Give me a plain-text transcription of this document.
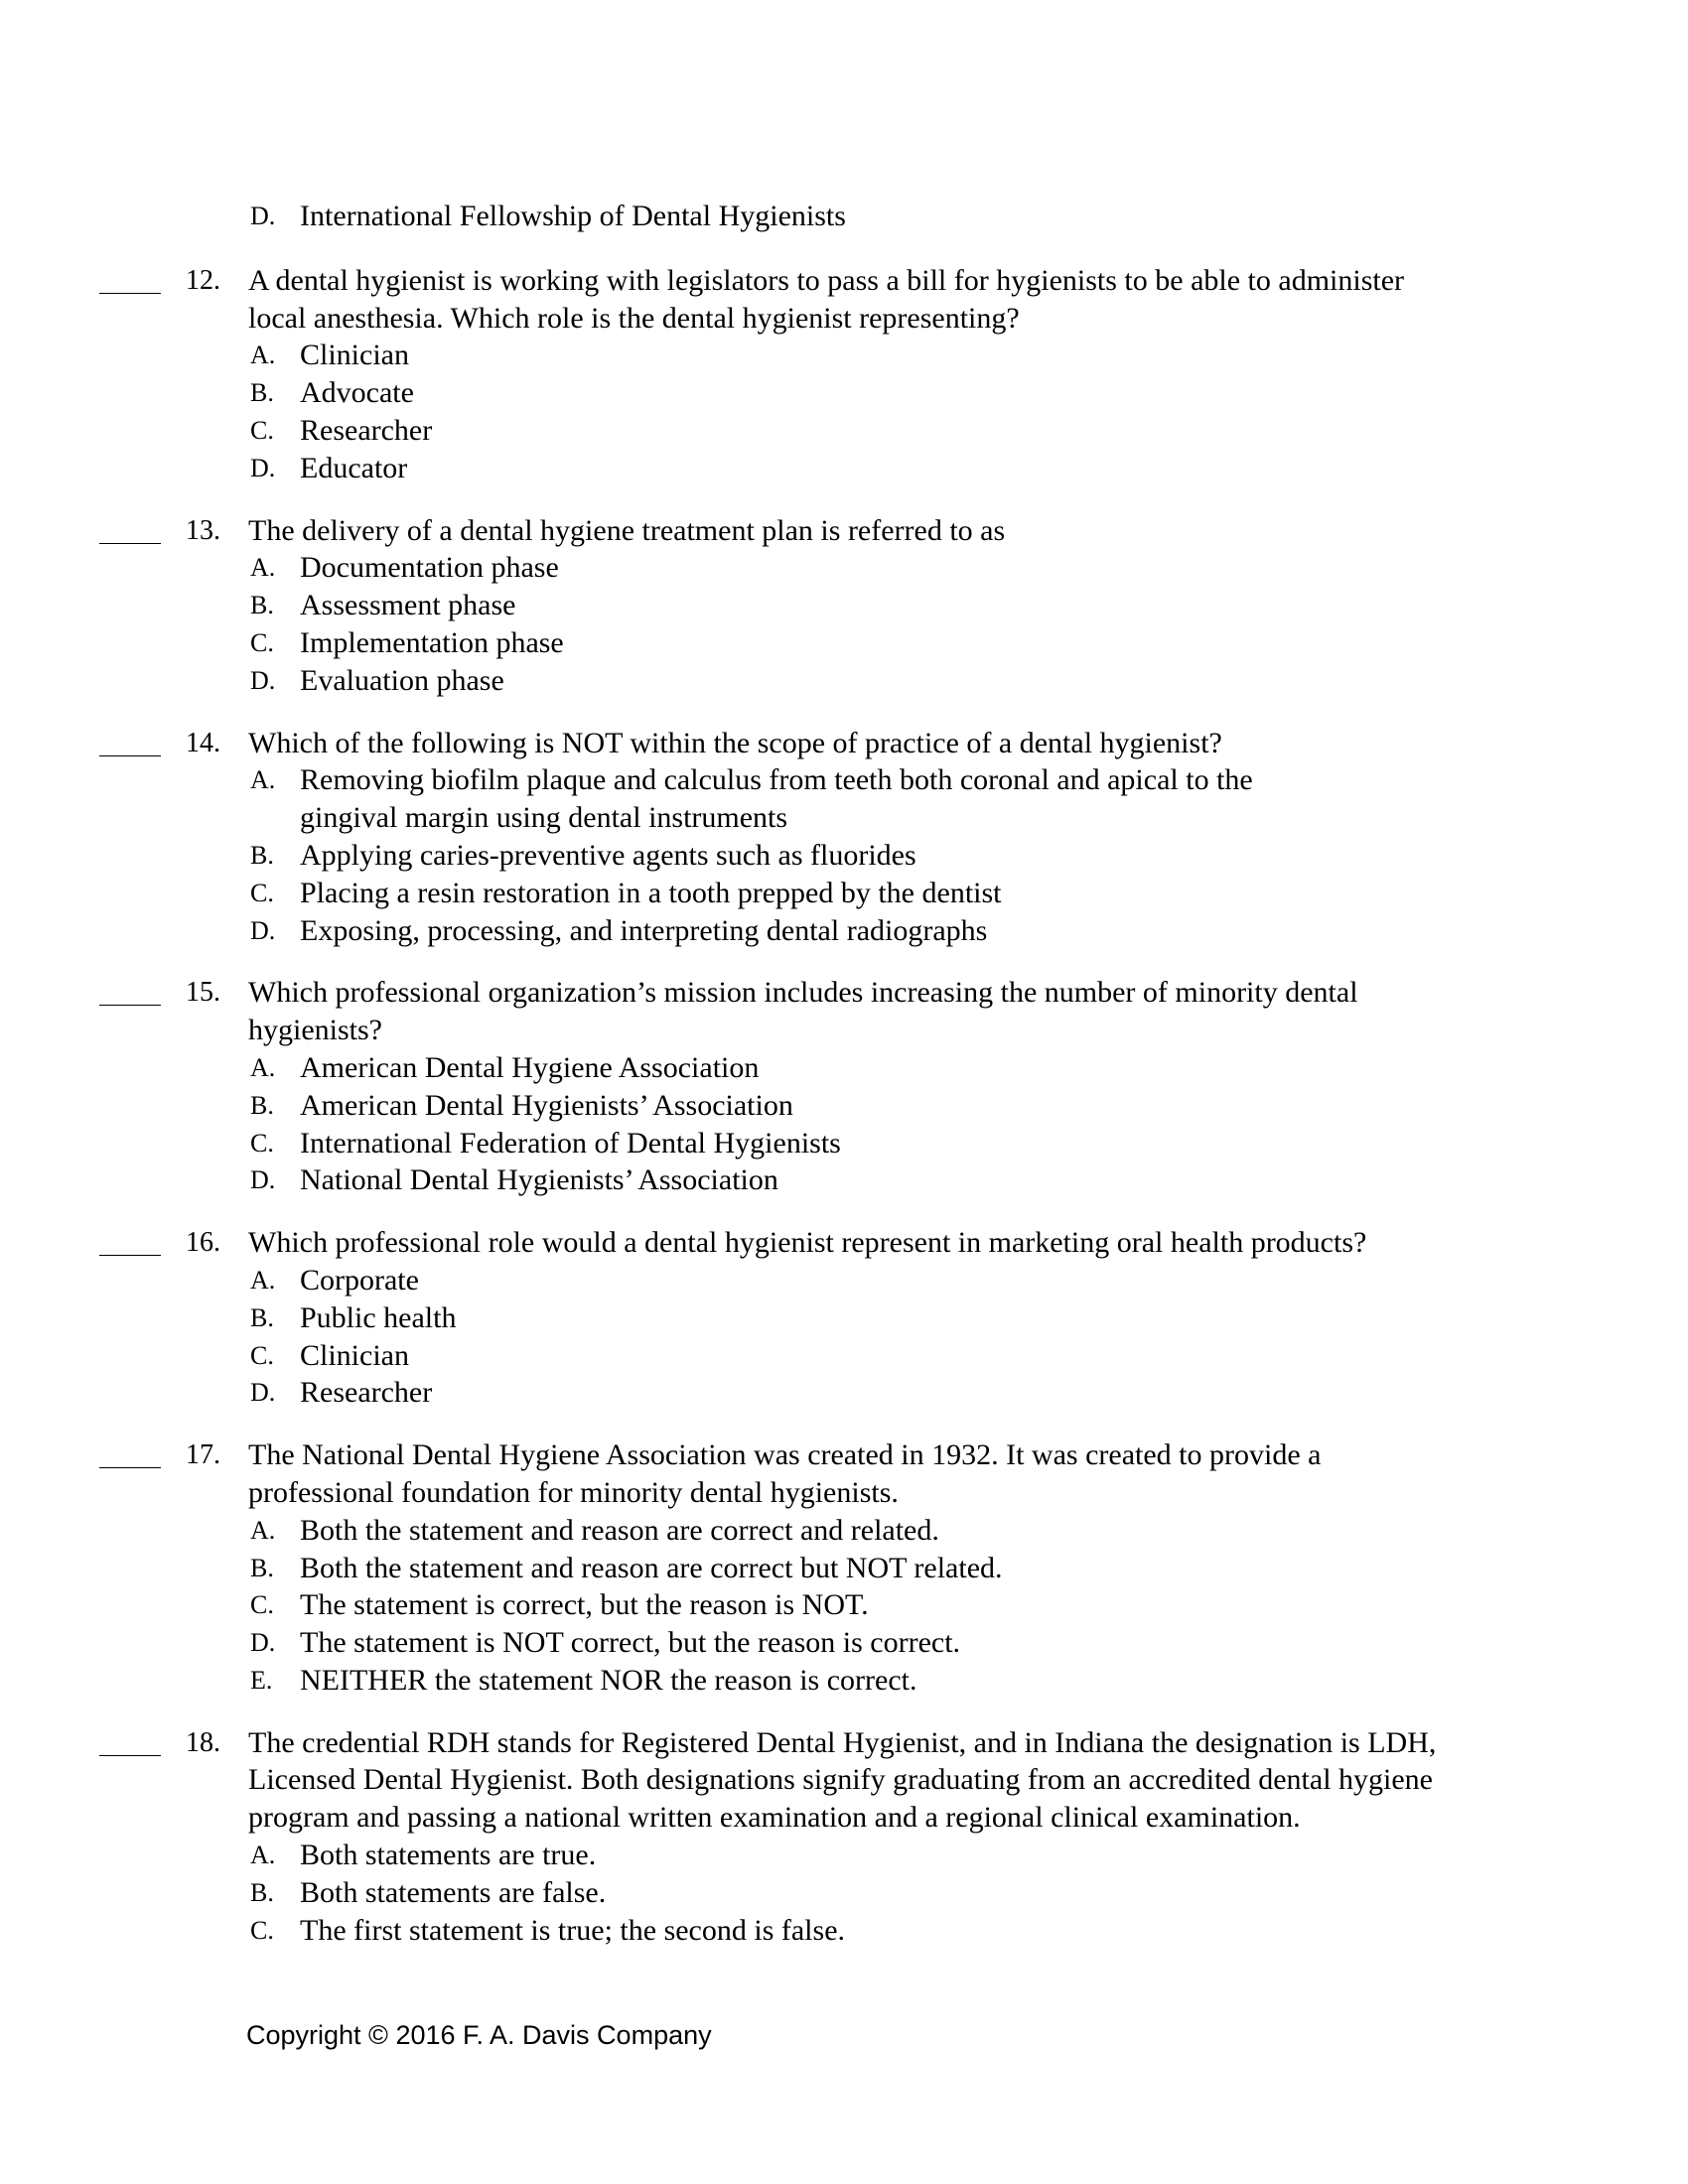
D. International Fellowship of Dental Hygienists
12. A dental hygienist is working with legislators to pass a bill for hygienists to be able to administer
local anesthesia. Which role is the dental hygienist representing?
A. Clinician
B. Advocate
C. Researcher
D. Educator
13. The delivery of a dental hygiene treatment plan is referred to as
A. Documentation phase
B. Assessment phase
C. Implementation phase
D. Evaluation phase
14. Which of the following is NOT within the scope of practice of a dental hygienist?
A. Removing biofilm plaque and calculus from teeth both coronal and apical to the
gingival margin using dental instruments
B. Applying caries-preventive agents such as fluorides
C. Placing a resin restoration in a tooth prepped by the dentist
D. Exposing, processing, and interpreting dental radiographs
15. Which professional organization’s mission includes increasing the number of minority dental
hygienists?
A. American Dental Hygiene Association
B. American Dental Hygienists’ Association
C. International Federation of Dental Hygienists
D. National Dental Hygienists’ Association
16. Which professional role would a dental hygienist represent in marketing oral health products?
A. Corporate
B. Public health
C. Clinician
D. Researcher
17. The National Dental Hygiene Association was created in 1932. It was created to provide a
professional foundation for minority dental hygienists.
A. Both the statement and reason are correct and related.
B. Both the statement and reason are correct but NOT related.
C. The statement is correct, but the reason is NOT.
D. The statement is NOT correct, but the reason is correct.
E. NEITHER the statement NOR the reason is correct.
18. The credential RDH stands for Registered Dental Hygienist, and in Indiana the designation is LDH,
Licensed Dental Hygienist. Both designations signify graduating from an accredited dental hygiene
program and passing a national written examination and a regional clinical examination.
A. Both statements are true.
B. Both statements are false.
C. The first statement is true; the second is false.
Copyright © 2016 F. A. Davis Company
